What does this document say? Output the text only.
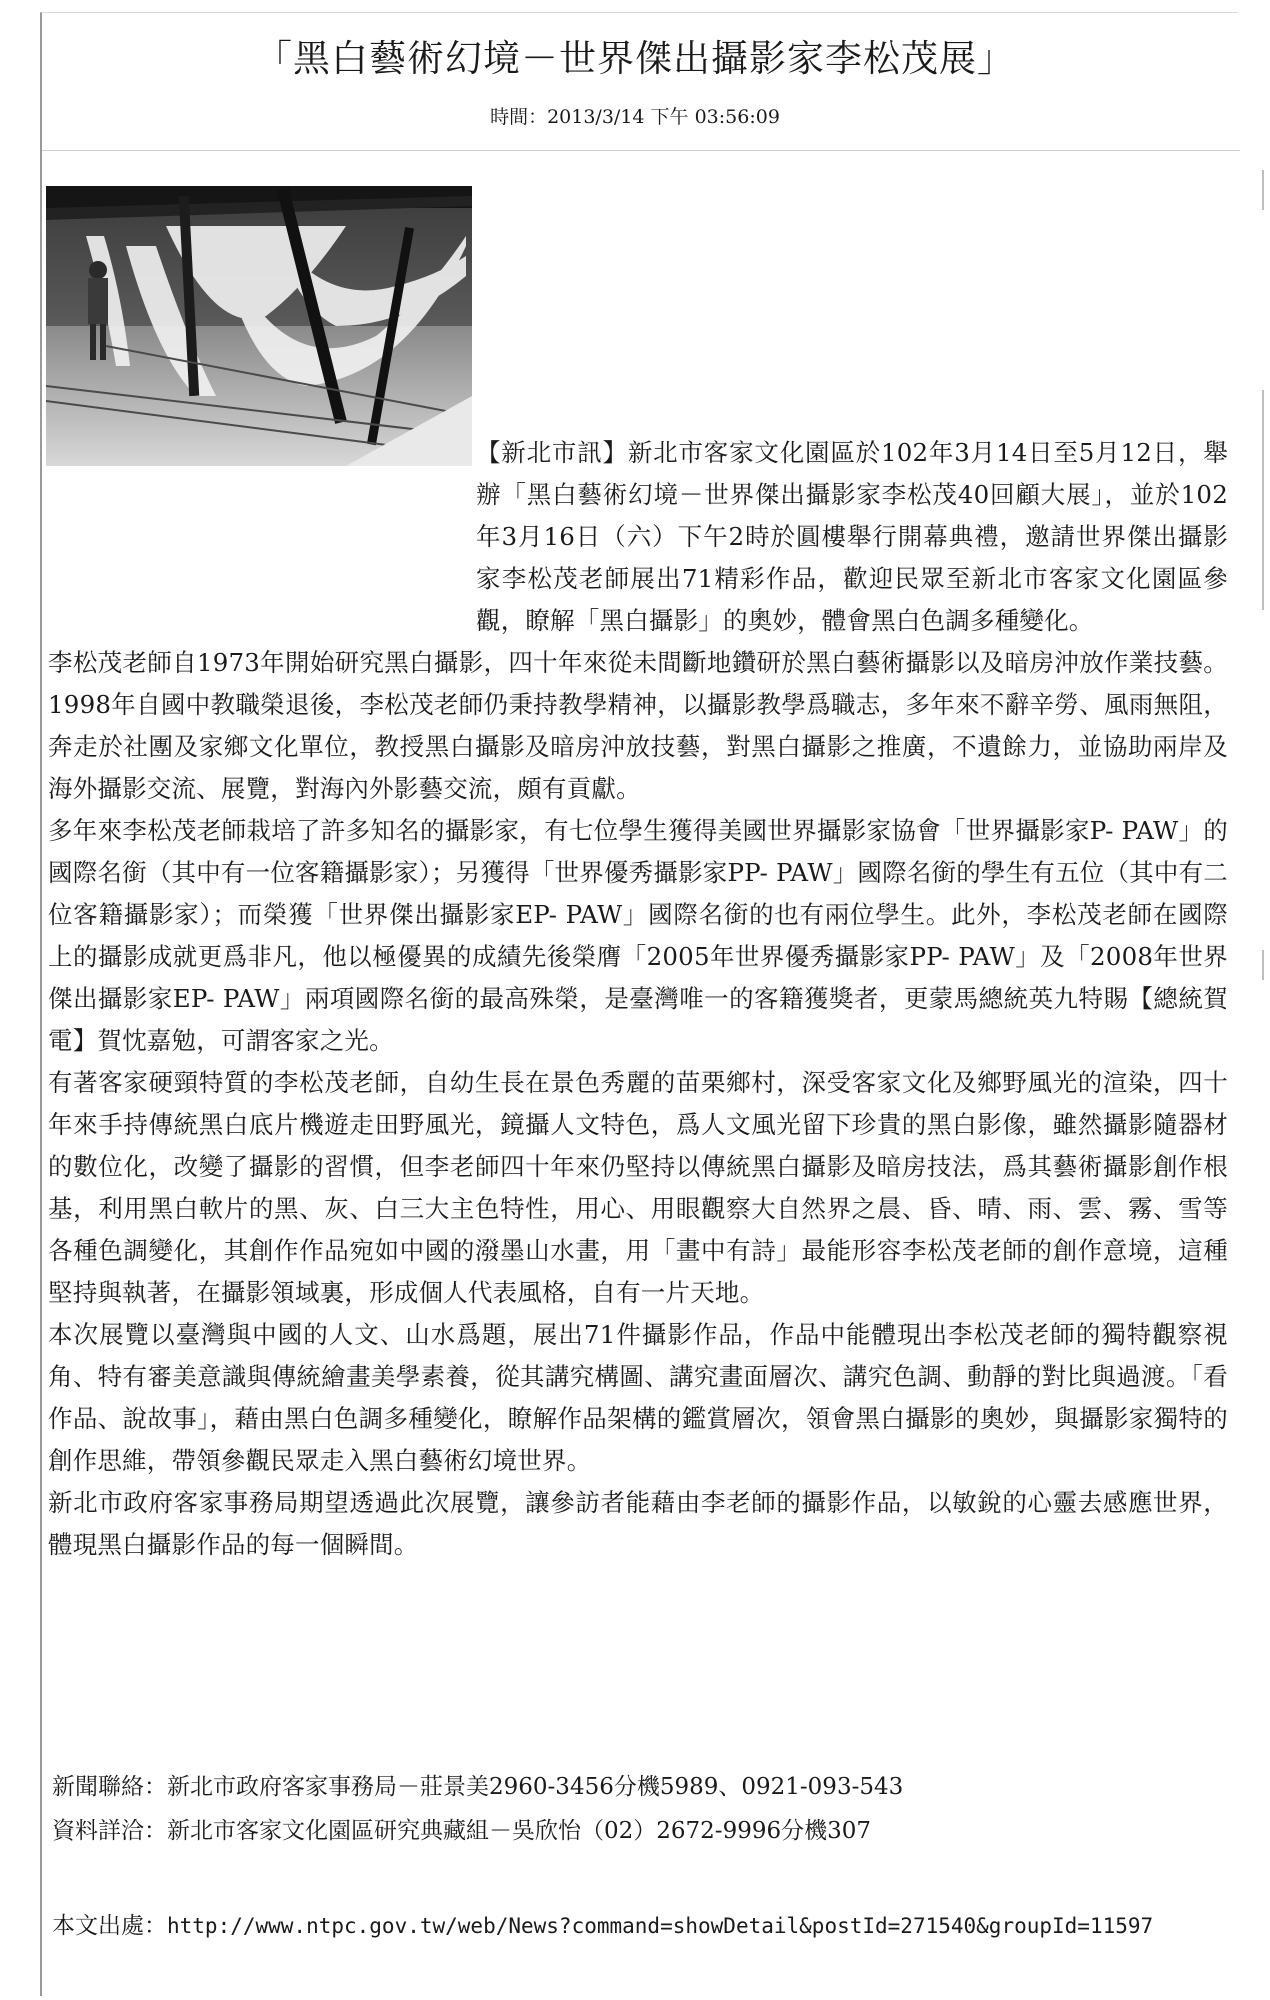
「黑白藝術幻境－世界傑出攝影家李松茂展」
時間：2013/3/14 下午 03:56:09

【新北市訊】新北市客家文化園區於102年3月14日至5月12日，舉辦「黑白藝術幻境－世界傑出攝影家李松茂40回顧大展」，並於102年3月16日（六）下午2時於圓樓舉行開幕典禮，邀請世界傑出攝影家李松茂老師展出71精彩作品，歡迎民眾至新北市客家文化園區參觀，瞭解「黑白攝影」的奧妙，體會黑白色調多種變化。

李松茂老師自1973年開始研究黑白攝影，四十年來從未間斷地鑽研於黑白藝術攝影以及暗房沖放作業技藝。1998年自國中教職榮退後，李松茂老師仍秉持教學精神，以攝影教學爲職志，多年來不辭辛勞、風雨無阻，奔走於社團及家鄉文化單位，教授黑白攝影及暗房沖放技藝，對黑白攝影之推廣，不遺餘力，並協助兩岸及海外攝影交流、展覽，對海內外影藝交流，頗有貢獻。

多年來李松茂老師栽培了許多知名的攝影家，有七位學生獲得美國世界攝影家協會「世界攝影家P- PAW」的國際名銜（其中有一位客籍攝影家）；另獲得「世界優秀攝影家PP- PAW」國際名銜的學生有五位（其中有二位客籍攝影家）；而榮獲「世界傑出攝影家EP- PAW」國際名銜的也有兩位學生。此外，李松茂老師在國際上的攝影成就更爲非凡，他以極優異的成績先後榮膺「2005年世界優秀攝影家PP- PAW」及「2008年世界傑出攝影家EP- PAW」兩項國際名銜的最高殊榮，是臺灣唯一的客籍獲獎者，更蒙馬總統英九特賜【總統賀電】賀忱嘉勉，可謂客家之光。

有著客家硬頸特質的李松茂老師，自幼生長在景色秀麗的苗栗鄉村，深受客家文化及鄉野風光的渲染，四十年來手持傳統黑白底片機遊走田野風光，鏡攝人文特色，爲人文風光留下珍貴的黑白影像，雖然攝影隨器材的數位化，改變了攝影的習慣，但李老師四十年來仍堅持以傳統黑白攝影及暗房技法，爲其藝術攝影創作根基，利用黑白軟片的黑、灰、白三大主色特性，用心、用眼觀察大自然界之晨、昏、晴、雨、雲、霧、雪等各種色調變化，其創作作品宛如中國的潑墨山水畫，用「畫中有詩」最能形容李松茂老師的創作意境，這種堅持與執著，在攝影領域裏，形成個人代表風格，自有一片天地。

本次展覽以臺灣與中國的人文、山水爲題，展出71件攝影作品，作品中能體現出李松茂老師的獨特觀察視角、特有審美意識與傳統繪畫美學素養，從其講究構圖、講究畫面層次、講究色調、動靜的對比與過渡。「看作品、說故事」，藉由黑白色調多種變化，瞭解作品架構的鑑賞層次，領會黑白攝影的奧妙，與攝影家獨特的創作思維，帶領參觀民眾走入黑白藝術幻境世界。

新北市政府客家事務局期望透過此次展覽，讓參訪者能藉由李老師的攝影作品，以敏銳的心靈去感應世界，體現黑白攝影作品的每一個瞬間。

新聞聯絡：新北市政府客家事務局－莊景美2960-3456分機5989、0921-093-543
資料詳洽：新北市客家文化園區研究典藏組－吳欣怡（02）2672-9996分機307
本文出處：http://www.ntpc.gov.tw/web/News?command=showDetail&postId=271540&groupId=11597
